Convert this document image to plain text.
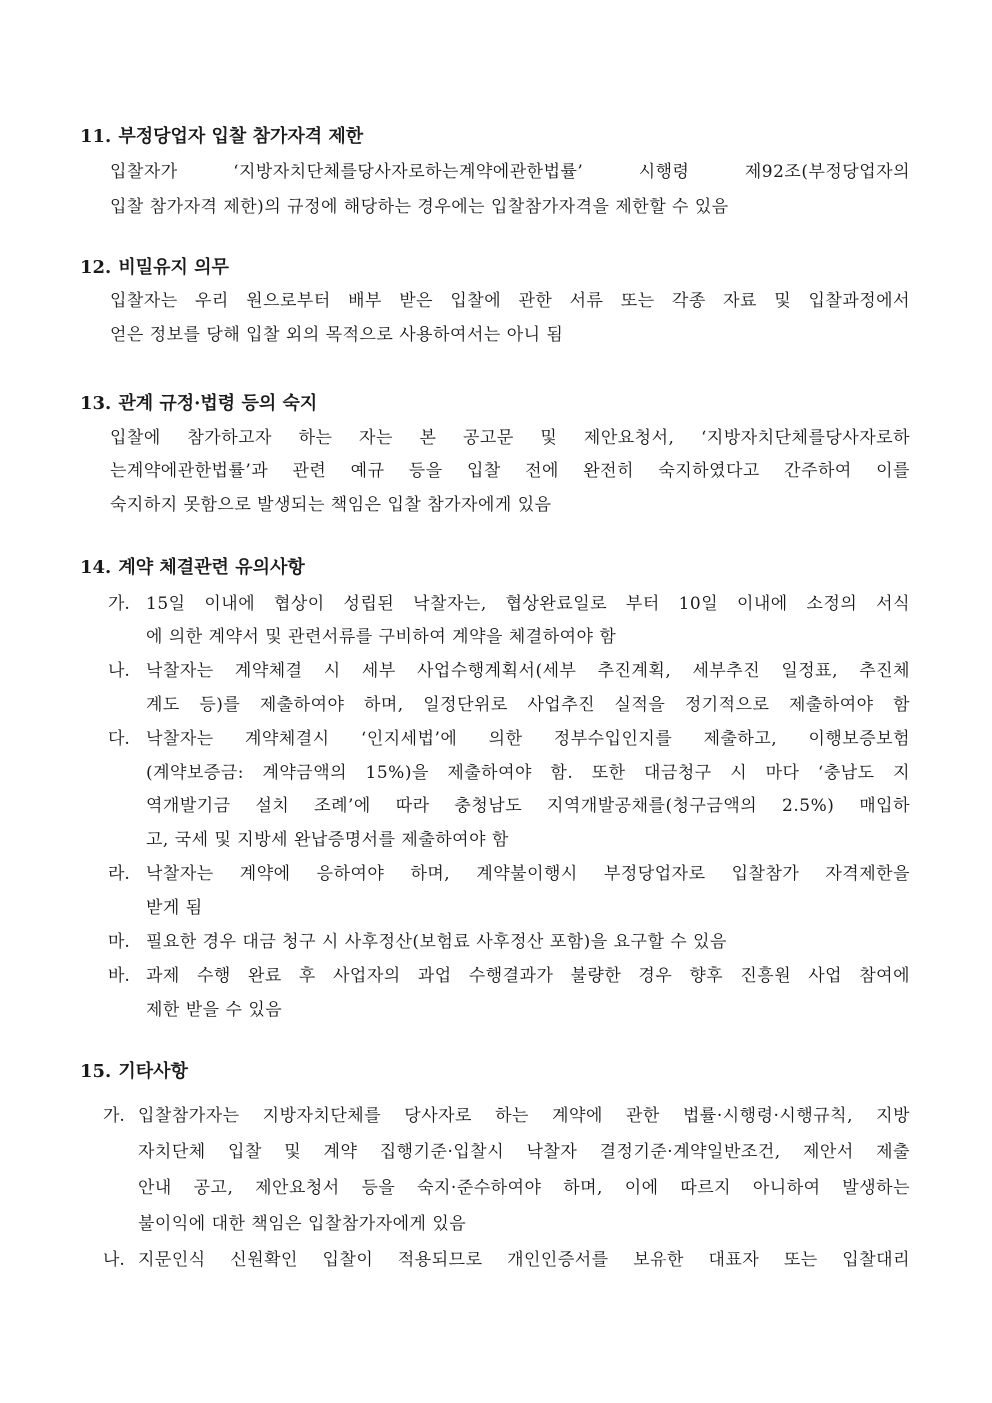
11. 부정당업자 입찰 참가자격 제한

입찰자가 ‘지방자치단체를당사자로하는계약에관한법률’ 시행령 제92조(부정당업자의

입찰 참가자격 제한)의 규정에 해당하는 경우에는 입찰참가자격을 제한할 수 있음

12. 비밀유지 의무

입찰자는 우리 원으로부터 배부 받은 입찰에 관한 서류 또는 각종 자료 및 입찰과정에서

얻은 정보를 당해 입찰 외의 목적으로 사용하여서는 아니 됨

13. 관계 규정·법령 등의 숙지

입찰에 참가하고자 하는 자는 본 공고문 및 제안요청서, ‘지방자치단체를당사자로하

는계약에관한법률’과 관련 예규 등을 입찰 전에 완전히 숙지하였다고 간주하여 이를

숙지하지 못함으로 발생되는 책임은 입찰 참가자에게 있음

14. 계약 체결관련 유의사항
가. 15일 이내에 협상이 성립된 낙찰자는, 협상완료일로 부터 10일 이내에 소정의 서식

에 의한 계약서 및 관련서류를 구비하여 계약을 체결하여야 함

나. 낙찰자는 계약체결 시 세부 사업수행계획서(세부 추진계획, 세부추진 일정표, 추진체

계도 등)를 제출하여야 하며, 일정단위로 사업추진 실적을 정기적으로 제출하여야 함

다. 낙찰자는 계약체결시 ‘인지세법’에 의한 정부수입인지를 제출하고, 이행보증보험

(계약보증금: 계약금액의 15%)을 제출하여야 함. 또한 대금청구 시 마다 ‘충남도 지

역개발기금 설치 조례’에 따라 충청남도 지역개발공채를(청구금액의 2.5%) 매입하

고, 국세 및 지방세 완납증명서를 제출하여야 함

라. 낙찰자는 계약에 응하여야 하며, 계약불이행시 부정당업자로 입찰참가 자격제한을

받게 됨

마. 필요한 경우 대금 청구 시 사후정산(보험료 사후정산 포함)을 요구할 수 있음

바. 과제 수행 완료 후 사업자의 과업 수행결과가 불량한 경우 향후 진흥원 사업 참여에

제한 받을 수 있음

15. 기타사항
가. 입찰참가자는 지방자치단체를 당사자로 하는 계약에 관한 법률·시행령·시행규칙, 지방

자치단체 입찰 및 계약 집행기준·입찰시 낙찰자 결정기준·계약일반조건, 제안서 제출

안내 공고, 제안요청서 등을 숙지·준수하여야 하며, 이에 따르지 아니하여 발생하는

불이익에 대한 책임은 입찰참가자에게 있음

나. 지문인식 신원확인 입찰이 적용되므로 개인인증서를 보유한 대표자 또는 입찰대리
